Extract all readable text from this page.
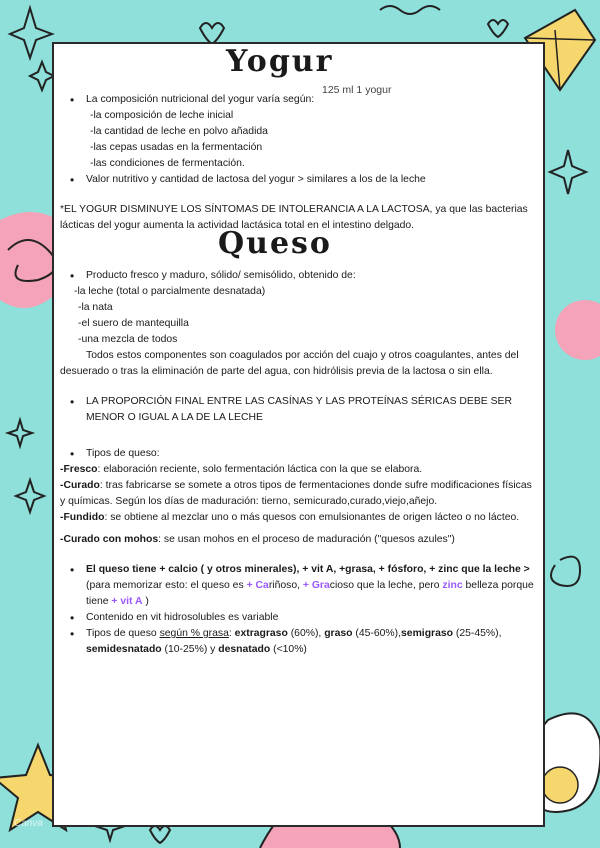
Yogur
125 ml 1 yogur
• La composición nutricional del yogur varía según:
-la composición de leche inicial
-la cantidad de leche en polvo añadida
-las cepas usadas en la fermentación
-las condiciones de fermentación.
• Valor nutritivo y cantidad de lactosa del yogur > similares a los de la leche

*EL YOGUR DISMINUYE LOS SÍNTOMAS DE INTOLERANCIA A LA LACTOSA, ya que las bacterias lácticas del yogur aumenta la actividad lactásica total en el intestino delgado.

Queso
• Producto fresco y maduro, sólido/ semisólido, obtenido de:
-la leche (total o parcialmente desnatada)
-la nata
-el suero de mantequilla
-una mezcla de todos

Todos estos componentes son coagulados por acción del cuajo y otros coagulantes, antes del desuerado o tras la eliminación de parte del agua, con hidrólisis previa de la lactosa o sin ella.

• LA PROPORCIÓN FINAL ENTRE LAS CASÍNAS Y LAS PROTEÍNAS SÉRICAS DEBE SER MENOR O IGUAL A LA DE LA LECHE
• Tipos de queso:

-Fresco: elaboración reciente, solo fermentación láctica con la que se elabora.

-Curado: tras fabricarse se somete a otros tipos de fermentaciones donde sufre modificaciones físicas y químicas. Según los días de maduración: tierno, semicurado,curado,viejo,añejo.

-Fundido: se obtiene al mezclar uno o más quesos con emulsionantes de origen lácteo o no lácteo.

-Curado con mohos: se usan mohos en el proceso de maduración ("quesos azules")

• El queso tiene + calcio ( y otros minerales), + vit A, +grasa, + fósforo, + zinc que la leche > (para memorizar esto: el queso es + Cariñoso, + Gracioso que la leche, pero zinc belleza porque tiene + vit A )
• Contenido en vit hidrosolubles es variable
• Tipos de queso según % grasa: extragraso (60%), graso (45-60%),semigraso (25-45%), semidesnatado (10-25%) y desnatado (<10%)
Canva
